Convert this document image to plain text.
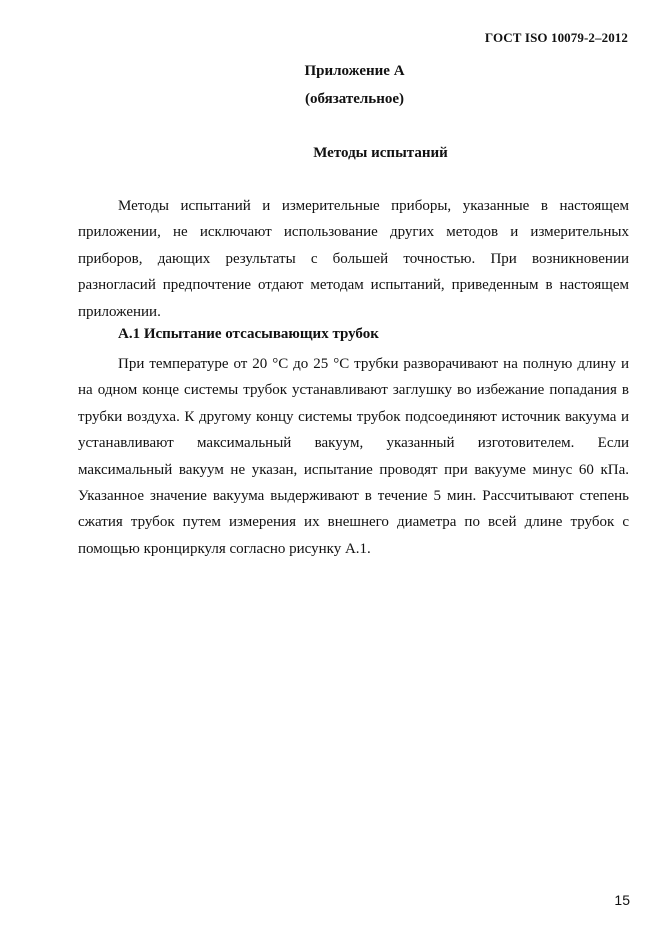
ГОСТ ISO 10079-2–2012
Приложение А
(обязательное)
Методы испытаний

Методы испытаний и измерительные приборы, указанные в настоящем приложении, не исключают использование других методов и измерительных приборов, дающих результаты с большей точностью. При возникновении разногласий предпочтение отдают методам испытаний, приведенным в настоящем приложении.

А.1 Испытание отсасывающих трубок

При температуре от 20 °С до 25 °С трубки разворачивают на полную длину и на одном конце системы трубок устанавливают заглушку во избежание попадания в трубки воздуха. К другому концу системы трубок подсоединяют источник вакуума и устанавливают максимальный вакуум, указанный изготовителем. Если максимальный вакуум не указан, испытание проводят при вакууме минус 60 кПа. Указанное значение вакуума выдерживают в течение 5 мин. Рассчитывают степень сжатия трубок путем измерения их внешнего диаметра по всей длине трубок с помощью кронциркуля согласно рисунку А.1.

15
